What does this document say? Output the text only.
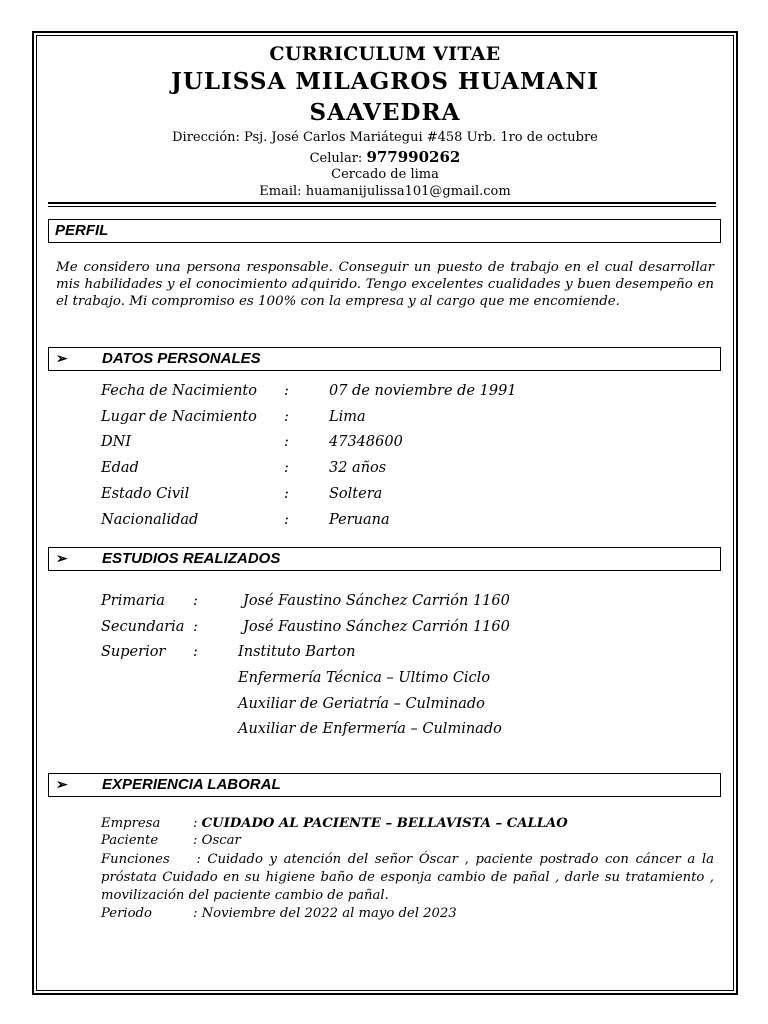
CURRICULUM VITAE
JULISSA MILAGROS HUAMANI
SAAVEDRA
Dirección: Psj. José Carlos Mariátegui #458 Urb. 1ro de octubre
Celular: 977990262
Cercado de lima
Email: huamanijulissa101@gmail.com
PERFIL
Me considero una persona responsable. Conseguir un puesto de trabajo en el cual desarrollar mis habilidades y el conocimiento adquirido. Tengo excelentes cualidades y buen desempeño en el trabajo. Mi compromiso es 100% con la empresa y al cargo que me encomiende.
➢ DATOS PERSONALES
Fecha de Nacimiento :	07 de noviembre de 1991
Lugar de Nacimiento :	Lima
DNI	:	47348600
Edad	:	32 años
Estado Civil	:	Soltera
Nacionalidad	:	Peruana
➢ ESTUDIOS REALIZADOS
Primaria :	José Faustino Sánchez Carrión 1160
Secundaria :	José Faustino Sánchez Carrión 1160
Superior :	Instituto Barton
Enfermería Técnica – Ultimo Ciclo
Auxiliar de Geriatría – Culminado
Auxiliar de Enfermería – Culminado
➢ EXPERIENCIA LABORAL
Empresa : CUIDADO AL PACIENTE – BELLAVISTA – CALLAO
Paciente	: Oscar
Funciones : Cuidado y atención del señor Óscar , paciente postrado con cáncer a la próstata Cuidado en su higiene baño de esponja cambio de pañal , darle su tratamiento , movilización del paciente cambio de pañal.
Periodo	: Noviembre del 2022 al mayo del 2023
